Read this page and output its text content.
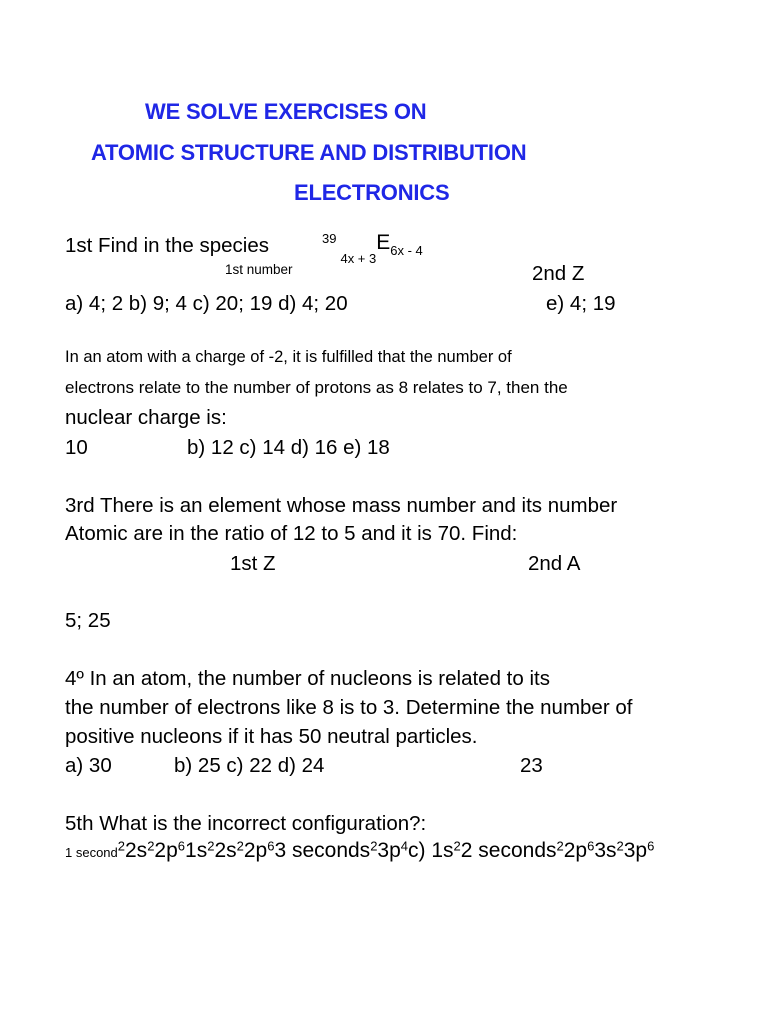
WE SOLVE EXERCISES ON
ATOMIC STRUCTURE AND DISTRIBUTION
ELECTRONICS
1st Find in the species	$^{39}_{4x + 3}E_{6x - 4}$
1st number	2nd Z
a) 4; 2 b) 9; 4 c) 20; 19 d) 4; 20	e) 4; 19
In an atom with a charge of -2, it is fulfilled that the number of
electrons relate to the number of protons as 8 relates to 7, then the
nuclear charge is:
10	b) 12 c) 14 d) 16 e) 18
3rd There is an element whose mass number and its number
Atomic are in the ratio of 12 to 5 and it is 70. Find:
1st Z	2nd A
5; 25
4º In an atom, the number of nucleons is related to its
the number of electrons like 8 is to 3. Determine the number of
positive nucleons if it has 50 neutral particles.
a) 30	b) 25 c) 22 d) 24	23
5th What is the incorrect configuration?:
1 $second^22s^22p^61s^22s^22p^63$ $seconds^23p^4c$) $1s^22$ $seconds^22p^63s^23p^6$
